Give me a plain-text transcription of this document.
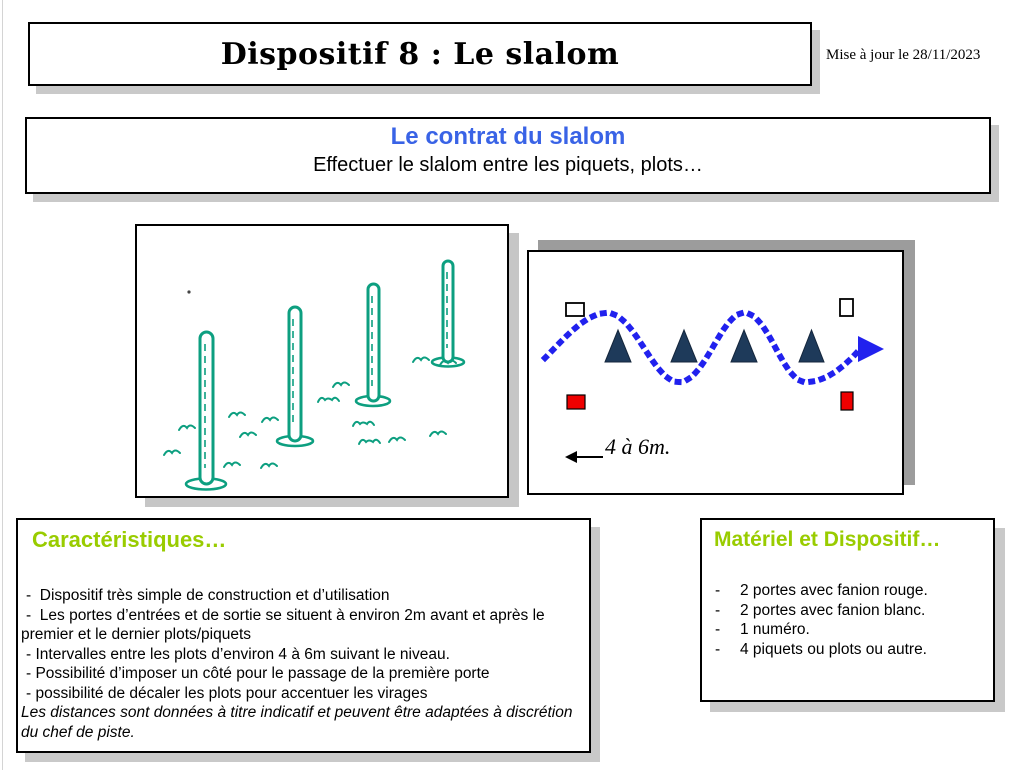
Dispositif 8 : Le slalom	Mise à jour le 28/11/2023
Le contrat du slalom
Effectuer le slalom entre les piquets, plots…
4 à 6m.
Caractéristiques…
-  Dispositif très simple de construction et d’utilisation
-  Les portes d’entrées et de sortie se situent à environ 2m avant et après le premier et le dernier plots/piquets
- Intervalles entre les plots d’environ 4 à 6m suivant le niveau.
- Possibilité d’imposer un côté pour le passage de la première porte
- possibilité de décaler les plots pour accentuer les virages
Les distances sont données à titre indicatif et peuvent être adaptées à discrétion du chef de piste.
Matériel et Dispositif…
-	2 portes avec fanion rouge.
-	2 portes avec fanion blanc.
-	1 numéro.
-	4 piquets ou plots ou autre.
